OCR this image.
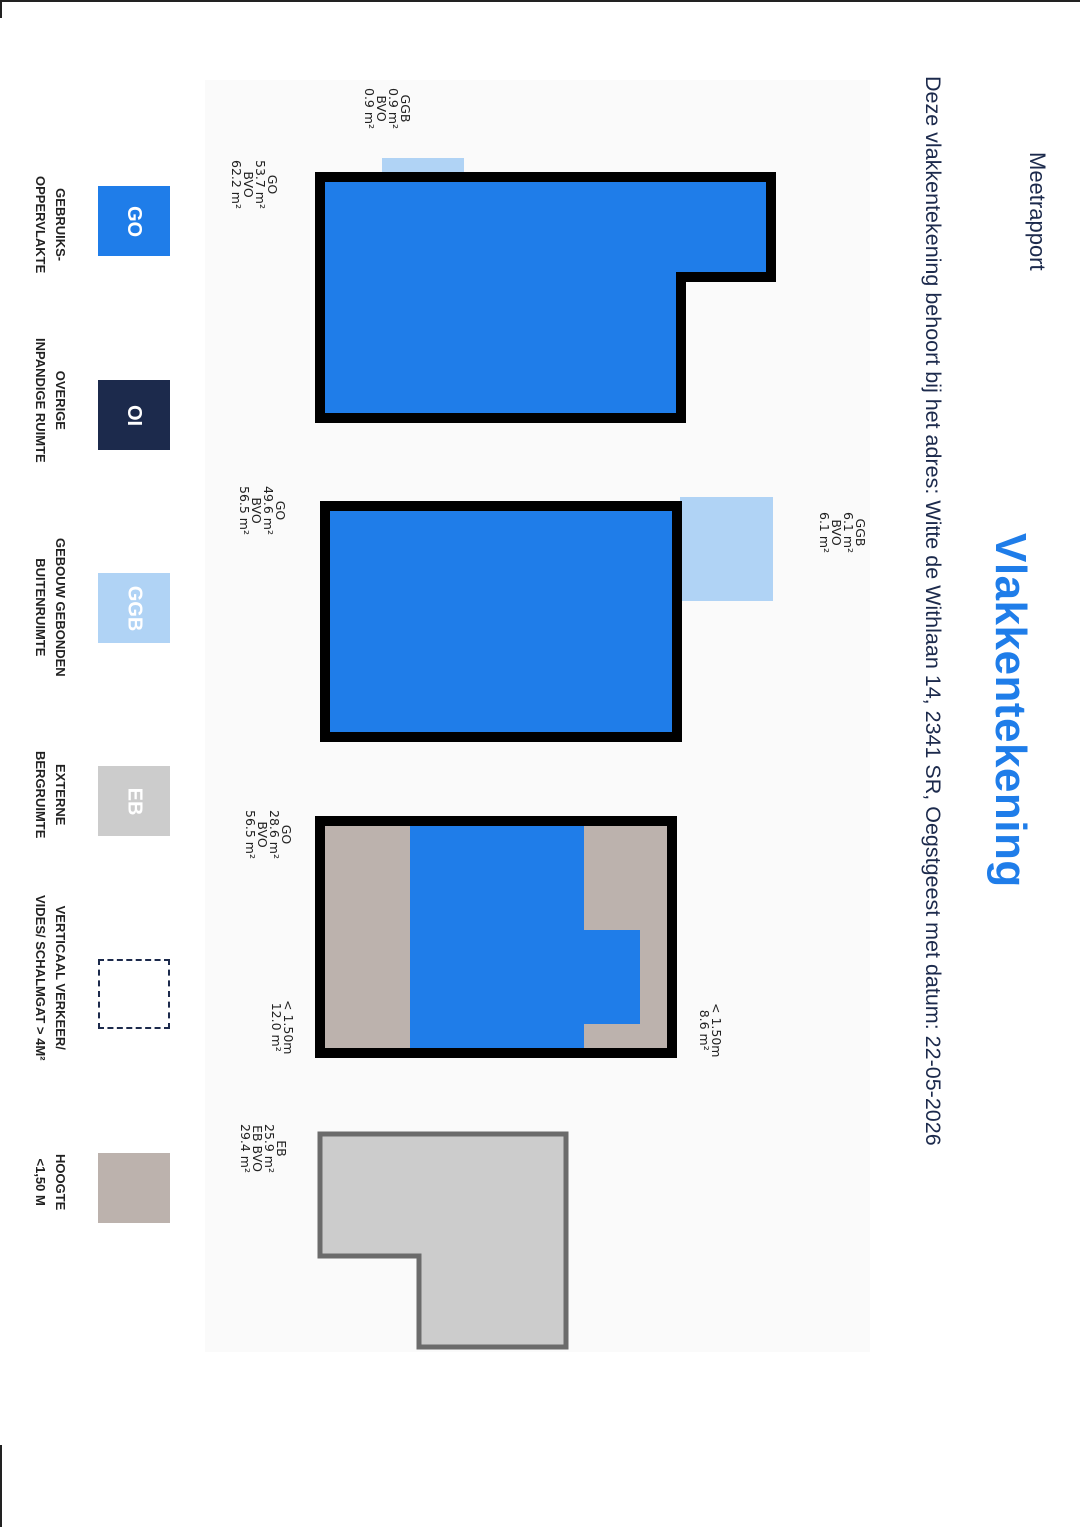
Meetrapport
Vlakkentekening
Deze vlakkentekening behoort bij het adres: Witte de Withlaan 14, 2341 SR, Oegstgeest met datum: 22-05-2026
GGB
0.9 m²
BVO
0.9 m²
GO
53.7 m²
BVO
62.2 m²
GGB
6.1 m²
BVO
6.1 m²
GO
49.6 m²
BVO
56.5 m²
GO
28.6 m²
BVO
56.5 m²
< 1.50m
12.0 m²	< 1.50m
8.6 m²
EB
25.9 m²
EB BVO
29.4 m²
GO
OI
GGB
EB
GEBRUIKS-
OPPERVLAKTE
OVERIGE
INPANDIGE RUIMTE
GEBOUW GEBONDEN
BUITENRUIMTE
EXTERNE
BERGRUIMTE
VERTICAAL VERKEER/
VIDES/ SCHALMGAT > 4M²
HOOGTE
<1,50 M
